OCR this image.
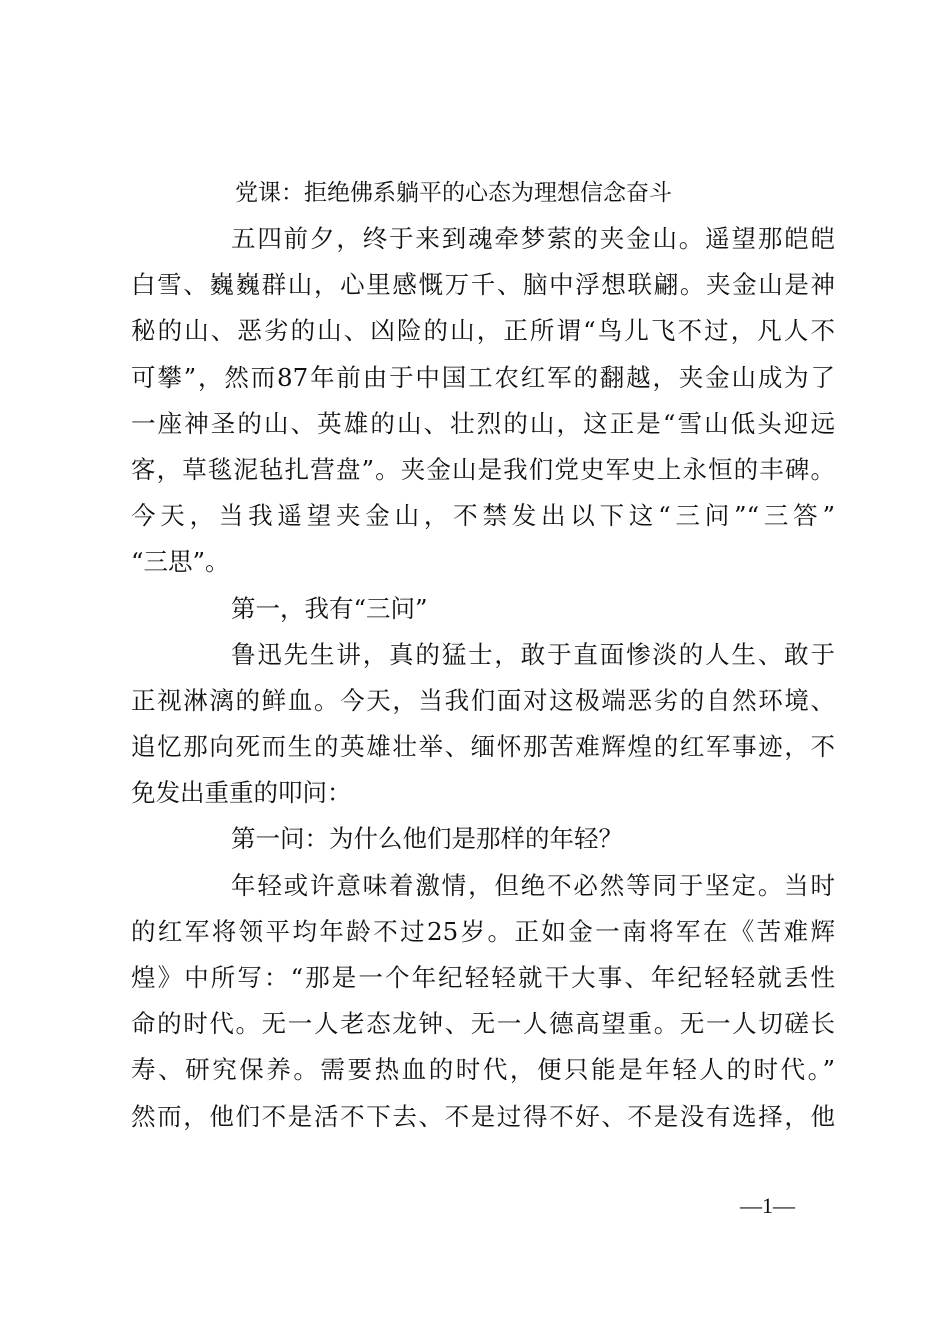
党课：拒绝佛系躺平的心态为理想信念奋斗
五四前夕，终于来到魂牵梦萦的夹金山。遥望那皑皑
白雪、巍巍群山，心里感慨万千、脑中浮想联翩。夹金山是神
秘的山、恶劣的山、凶险的山，正所谓“鸟儿飞不过，凡人不
可攀”，然而87年前由于中国工农红军的翻越，夹金山成为了
一座神圣的山、英雄的山、壮烈的山，这正是“雪山低头迎远
客，草毯泥毡扎营盘”。夹金山是我们党史军史上永恒的丰碑。
今天，当我遥望夹金山，不禁发出以下这“三问”“三答”
“三思”。
第一，我有“三问”
鲁迅先生讲，真的猛士，敢于直面惨淡的人生、敢于
正视淋漓的鲜血。今天，当我们面对这极端恶劣的自然环境、
追忆那向死而生的英雄壮举、缅怀那苦难辉煌的红军事迹，不
免发出重重的叩问：
第一问：为什么他们是那样的年轻？
年轻或许意味着激情，但绝不必然等同于坚定。当时
的红军将领平均年龄不过25岁。正如金一南将军在《苦难辉
煌》中所写：“那是一个年纪轻轻就干大事、年纪轻轻就丢性
命的时代。无一人老态龙钟、无一人德高望重。无一人切磋长
寿、研究保养。需要热血的时代，便只能是年轻人的时代。”
然而，他们不是活不下去、不是过得不好、不是没有选择，他
—1—
